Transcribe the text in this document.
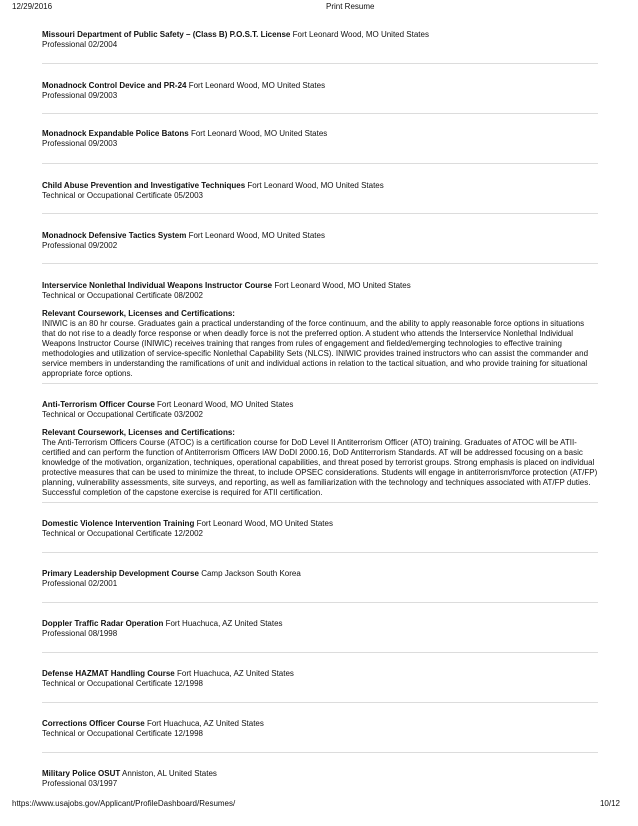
12/29/2016	Print Resume
Missouri Department of Public Safety – (Class B) P.O.S.T. License Fort Leonard Wood, MO United States
Professional 02/2004
Monadnock Control Device and PR-24 Fort Leonard Wood, MO United States
Professional 09/2003
Monadnock Expandable Police Batons Fort Leonard Wood, MO United States
Professional 09/2003
Child Abuse Prevention and Investigative Techniques Fort Leonard Wood, MO United States
Technical or Occupational Certificate 05/2003
Monadnock Defensive Tactics System Fort Leonard Wood, MO United States
Professional 09/2002
Interservice Nonlethal Individual Weapons Instructor Course Fort Leonard Wood, MO United States
Technical or Occupational Certificate 08/2002
Relevant Coursework, Licenses and Certifications:

INIWIC is an 80 hr course. Graduates gain a practical understanding of the force continuum, and the ability to apply reasonable force options in situations that do not rise to a deadly force response or when deadly force is not the preferred option. A student who attends the Interservice Nonlethal Individual Weapons Instructor Course (INIWIC) receives training that ranges from rules of engagement and fielded/emerging technologies to effective training methodologies and utilization of service-specific Nonlethal Capability Sets (NLCS). INIWIC provides trained instructors who can assist the commander and service members in understanding the ramifications of unit and individual actions in relation to the tactical situation, and who provide training for situational appropriate force options.

Anti-Terrorism Officer Course Fort Leonard Wood, MO United States
Technical or Occupational Certificate 03/2002
Relevant Coursework, Licenses and Certifications:

The Anti-Terrorism Officers Course (ATOC) is a certification course for DoD Level II Antiterrorism Officer (ATO) training. Graduates of ATOC will be ATII-certified and can perform the function of Antiterrorism Officers IAW DoDI 2000.16, DoD Antiterrorism Standards. AT will be addressed focusing on a basic knowledge of the motivation, organization, techniques, operational capabilities, and threat posed by terrorist groups. Strong emphasis is placed on individual protective measures that can be used to minimize the threat, to include OPSEC considerations. Students will engage in antiterrorism/force protection (AT/FP) planning, vulnerability assessments, site surveys, and reporting, as well as familiarization with the technology and techniques associated with AT/FP duties. Successful completion of the capstone exercise is required for ATII certification.

Domestic Violence Intervention Training Fort Leonard Wood, MO United States
Technical or Occupational Certificate 12/2002
Primary Leadership Development Course Camp Jackson South Korea
Professional 02/2001
Doppler Traffic Radar Operation Fort Huachuca, AZ United States
Professional 08/1998
Defense HAZMAT Handling Course Fort Huachuca, AZ United States
Technical or Occupational Certificate 12/1998
Corrections Officer Course Fort Huachuca, AZ United States
Technical or Occupational Certificate 12/1998
Military Police OSUT Anniston, AL United States
Professional 03/1997
https://www.usajobs.gov/Applicant/ProfileDashboard/Resumes/	10/12
